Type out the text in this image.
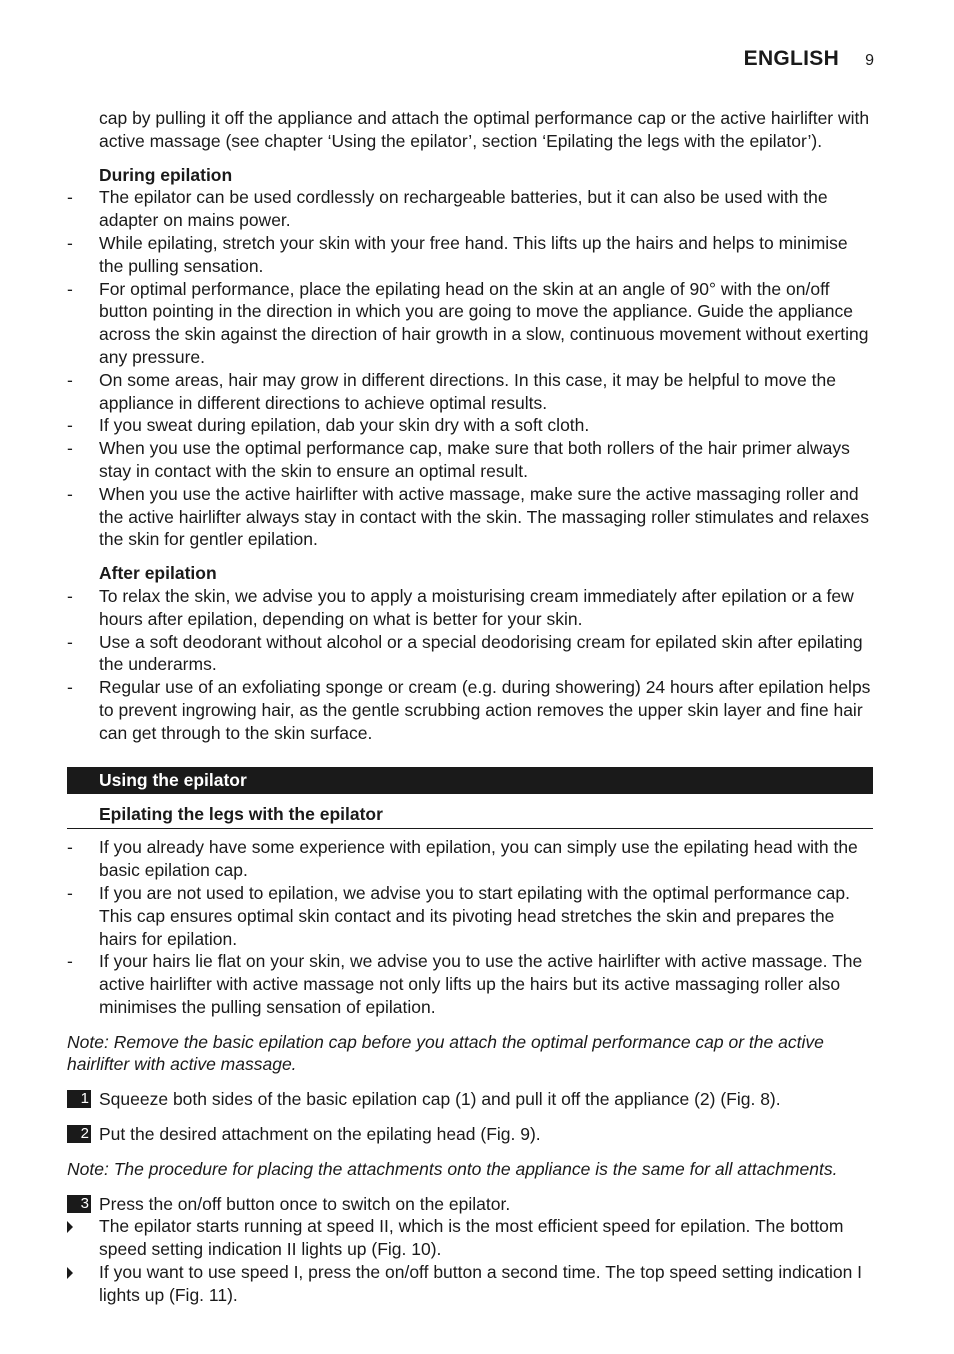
ENGLISH 9

cap by pulling it off the appliance and attach the optimal performance cap or the active hairlifter with active massage (see chapter ‘Using the epilator’, section ‘Epilating the legs with the epilator’).

During epilation
- The epilator can be used cordlessly on rechargeable batteries, but it can also be used with the adapter on mains power.
- While epilating, stretch your skin with your free hand. This lifts up the hairs and helps to minimise the pulling sensation.
- For optimal performance, place the epilating head on the skin at an angle of 90° with the on/off button pointing in the direction in which you are going to move the appliance. Guide the appliance across the skin against the direction of hair growth in a slow, continuous movement without exerting any pressure.
- On some areas, hair may grow in different directions. In this case, it may be helpful to move the appliance in different directions to achieve optimal results.
- If you sweat during epilation, dab your skin dry with a soft cloth.
- When you use the optimal performance cap, make sure that both rollers of the hair primer always stay in contact with the skin to ensure an optimal result.
- When you use the active hairlifter with active massage, make sure the active massaging roller and the active hairlifter always stay in contact with the skin. The massaging roller stimulates and relaxes the skin for gentler epilation.
After epilation
- To relax the skin, we advise you to apply a moisturising cream immediately after epilation or a few hours after epilation, depending on what is better for your skin.
- Use a soft deodorant without alcohol or a special deodorising cream for epilated skin after epilating the underarms.
- Regular use of an exfoliating sponge or cream (e.g. during showering) 24 hours after epilation helps to prevent ingrowing hair, as the gentle scrubbing action removes the upper skin layer and fine hair can get through to the skin surface.
Using the epilator
Epilating the legs with the epilator
- If you already have some experience with epilation, you can simply use the epilating head with the basic epilation cap.
- If you are not used to epilation, we advise you to start epilating with the optimal performance cap. This cap ensures optimal skin contact and its pivoting head stretches the skin and prepares the hairs for epilation.
- If your hairs lie flat on your skin, we advise you to use the active hairlifter with active massage. The active hairlifter with active massage not only lifts up the hairs but its active massaging roller also minimises the pulling sensation of epilation.
Note: Remove the basic epilation cap before you attach the optimal performance cap or the active hairlifter with active massage.
1 Squeeze both sides of the basic epilation cap (1) and pull it off the appliance (2) (Fig. 8).
2 Put the desired attachment on the epilating head (Fig. 9).
Note: The procedure for placing the attachments onto the appliance is the same for all attachments.
3 Press the on/off button once to switch on the epilator.
The epilator starts running at speed II, which is the most efficient speed for epilation. The bottom speed setting indication II lights up (Fig. 10).
If you want to use speed I, press the on/off button a second time. The top speed setting indication I lights up (Fig. 11).
